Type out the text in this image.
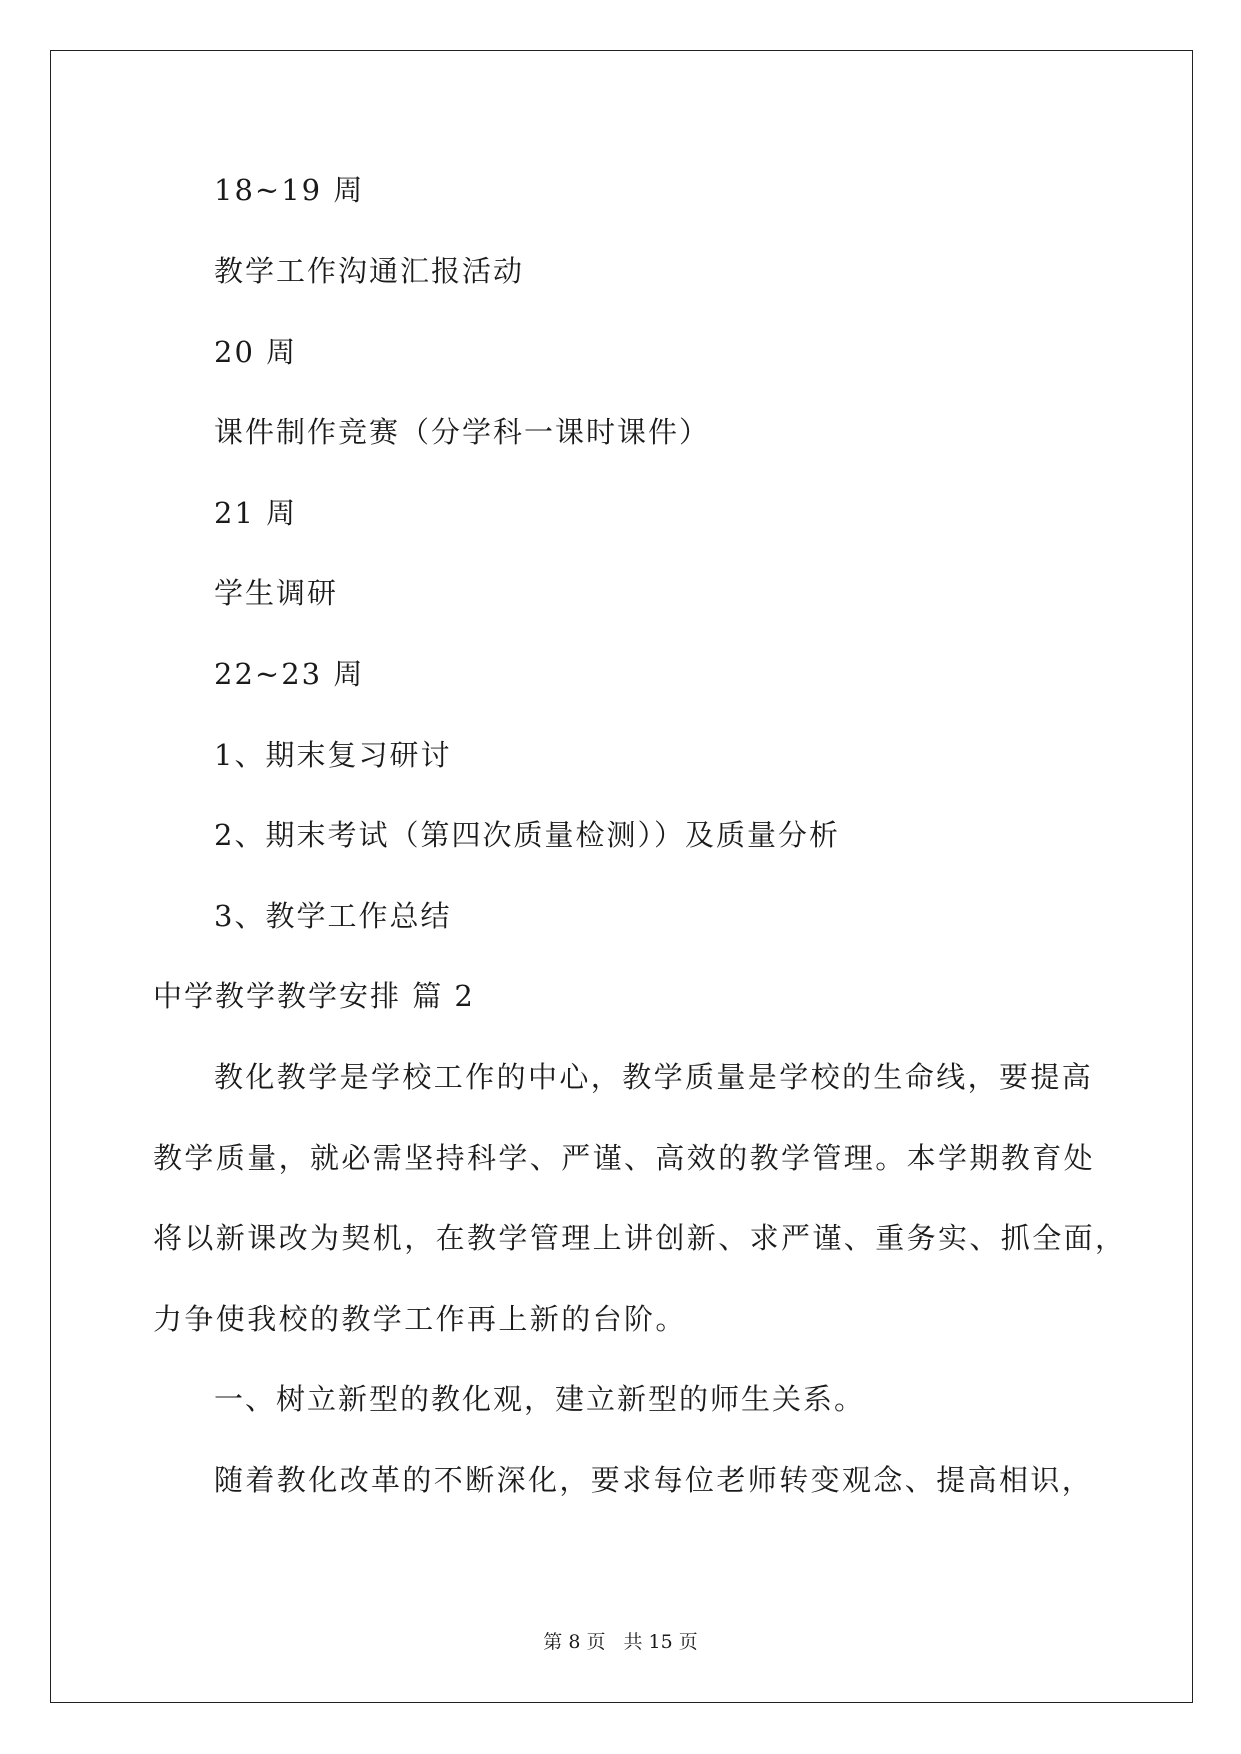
18~19 周
教学工作沟通汇报活动
20 周
课件制作竞赛（分学科一课时课件）
21 周
学生调研
22~23 周
1、期末复习研讨
2、期末考试（第四次质量检测））及质量分析
3、教学工作总结
中学教学教学安排 篇 2
教化教学是学校工作的中心，教学质量是学校的生命线，要提高
教学质量，就必需坚持科学、严谨、高效的教学管理。本学期教育处
将以新课改为契机，在教学管理上讲创新、求严谨、重务实、抓全面，
力争使我校的教学工作再上新的台阶。
一、树立新型的教化观，建立新型的师生关系。
随着教化改革的不断深化，要求每位老师转变观念、提高相识，
第 8 页 共 15 页
